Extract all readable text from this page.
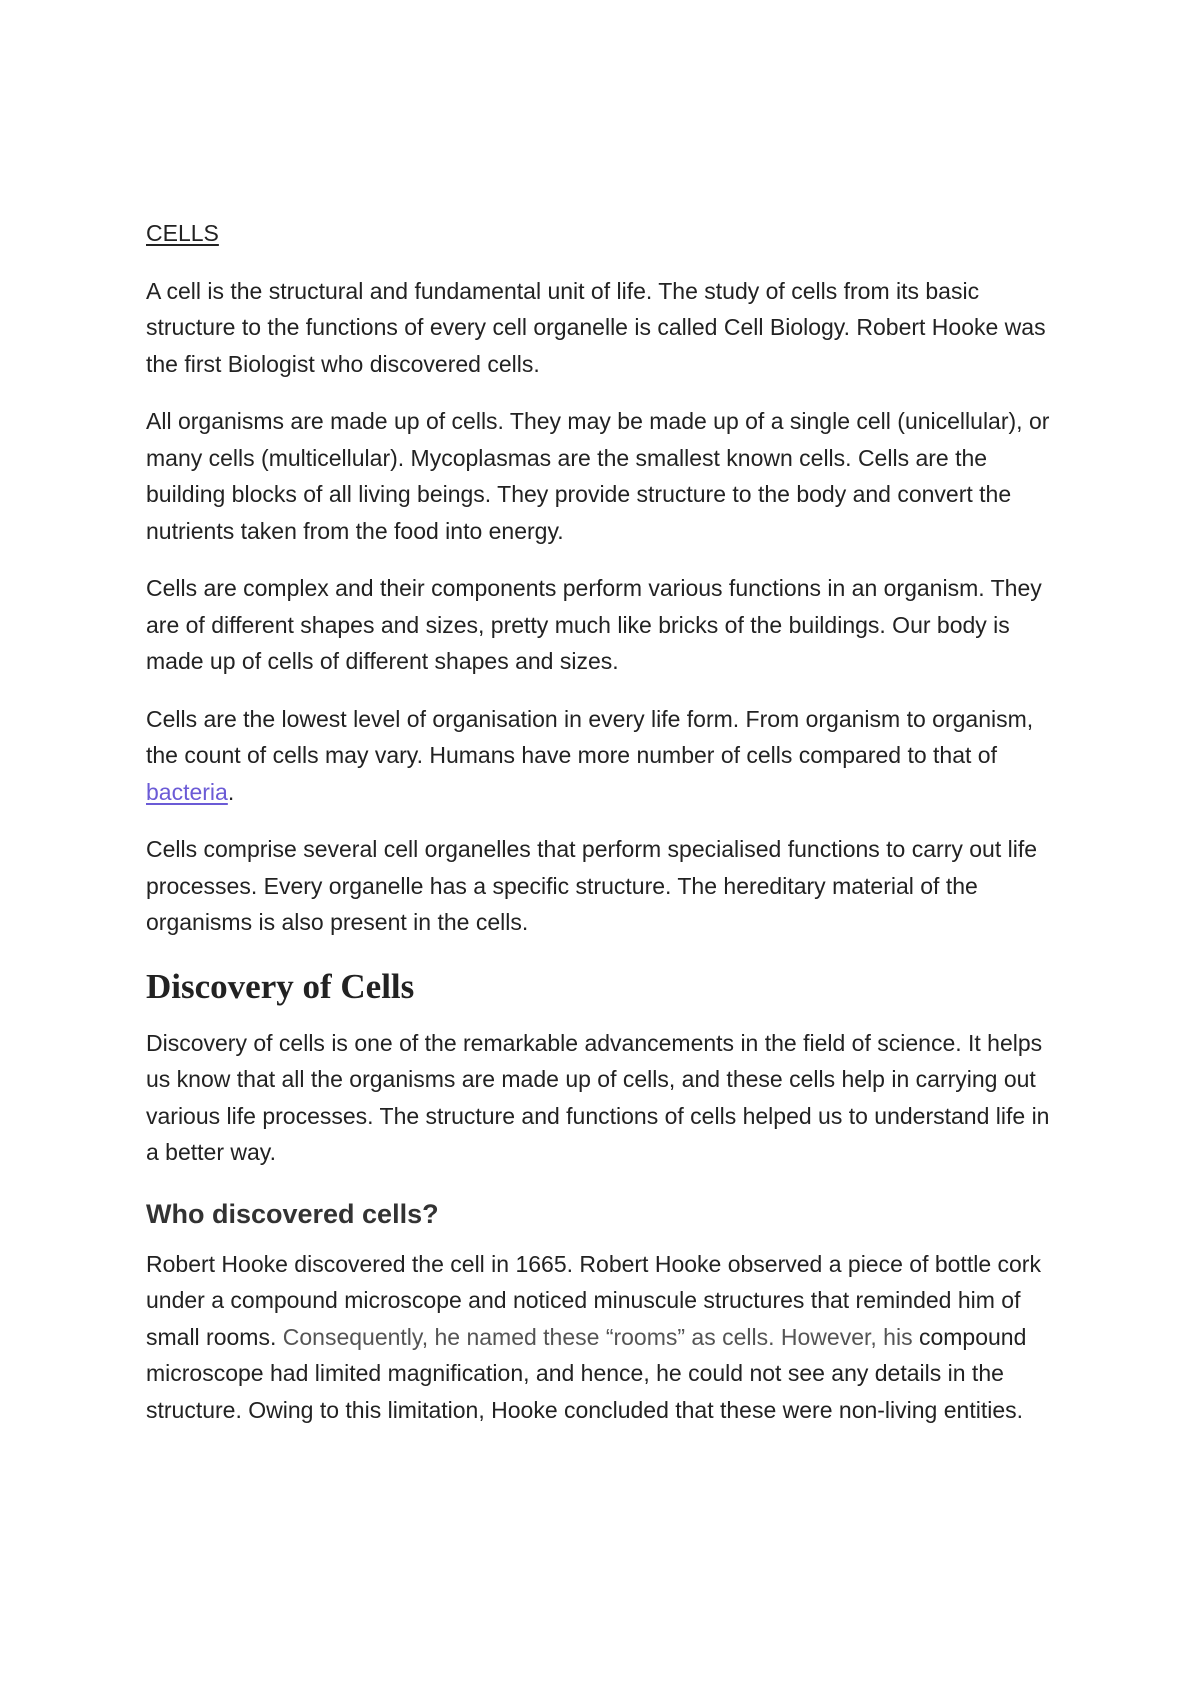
CELLS

A cell is the structural and fundamental unit of life. The study of cells from its basic structure to the functions of every cell organelle is called Cell Biology. Robert Hooke was the first Biologist who discovered cells.

All organisms are made up of cells. They may be made up of a single cell (unicellular), or many cells (multicellular). Mycoplasmas are the smallest known cells. Cells are the building blocks of all living beings. They provide structure to the body and convert the nutrients taken from the food into energy.

Cells are complex and their components perform various functions in an organism. They are of different shapes and sizes, pretty much like bricks of the buildings. Our body is made up of cells of different shapes and sizes.

Cells are the lowest level of organisation in every life form. From organism to organism, the count of cells may vary. Humans have more number of cells compared to that of bacteria.

Cells comprise several cell organelles that perform specialised functions to carry out life processes. Every organelle has a specific structure. The hereditary material of the organisms is also present in the cells.

Discovery of Cells

Discovery of cells is one of the remarkable advancements in the field of science. It helps us know that all the organisms are made up of cells, and these cells help in carrying out various life processes. The structure and functions of cells helped us to understand life in a better way.

Who discovered cells?

Robert Hooke discovered the cell in 1665. Robert Hooke observed a piece of bottle cork under a compound microscope and noticed minuscule structures that reminded him of small rooms. Consequently, he named these “rooms” as cells. However, his compound microscope had limited magnification, and hence, he could not see any details in the structure. Owing to this limitation, Hooke concluded that these were non-living entities.
